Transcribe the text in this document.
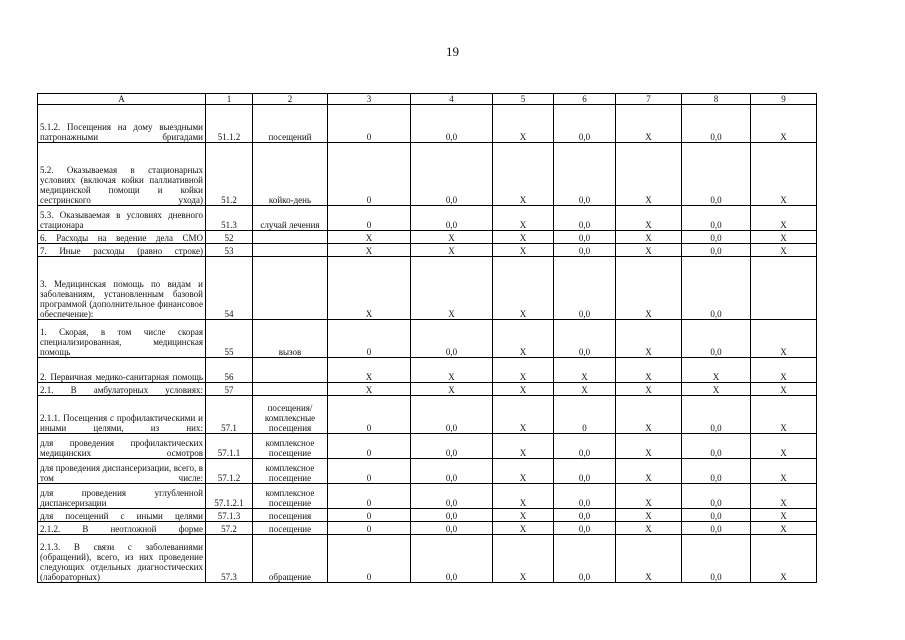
19
А	1	2	3	4	5	6	7	8	9
5.1.2. Посещения на дому выездными патронажными бригадами	51.1.2	посещений	0	0,0	X	0,0	X	0,0	X
5.2. Оказываемая в стационарных условиях (включая койки паллиативной медицинской помощи и койки сестринского ухода)	51.2	койко-день	0	0,0	X	0,0	X	0,0	X
5.3. Оказываемая в условиях дневного стационара	51.3	случай лечения	0	0,0	X	0,0	X	0,0	X
6. Расходы на ведение дела СМО	52		X	X	X	0,0	X	0,0	X
7. Иные расходы (равно строке)	53		X	X	X	0,0	X	0,0	X
3. Медицинская помощь по видам и заболеваниям, установленным базовой программой (дополнительное финансовое обеспечение):	54		X	X	X	0,0	X	0,0	
1. Скорая, в том числе скорая специализированная, медицинская помощь	55	вызов	0	0,0	X	0,0	X	0,0	X
2. Первичная медико-санитарная помощь	56		X	X	X	X	X	X	X
2.1. В амбулаторных условиях:	57		X	X	X	X	X	X	X
2.1.1. Посещения с профилактическими и иными целями, из них:	57.1	посещения/ комплексные посещения	0	0,0	X	0	X	0,0	X
для проведения профилактических медицинских осмотров	57.1.1	комплексное посещение	0	0,0	X	0,0	X	0,0	X
для проведения диспансеризации, всего, в том числе:	57.1.2	комплексное посещение	0	0,0	X	0,0	X	0,0	X
для проведения углубленной диспансеризации	57.1.2.1	комплексное посещение	0	0,0	X	0,0	X	0,0	X
для посещений с иными целями	57.1.3	посещения	0	0,0	X	0,0	X	0,0	X
2.1.2. В неотложной форме	57.2	посещение	0	0,0	X	0,0	X	0,0	X
2.1.3. В связи с заболеваниями (обращений), всего, из них проведение следующих отдельных диагностических (лабораторных)	57.3	обращение	0	0,0	X	0,0	X	0,0	X
